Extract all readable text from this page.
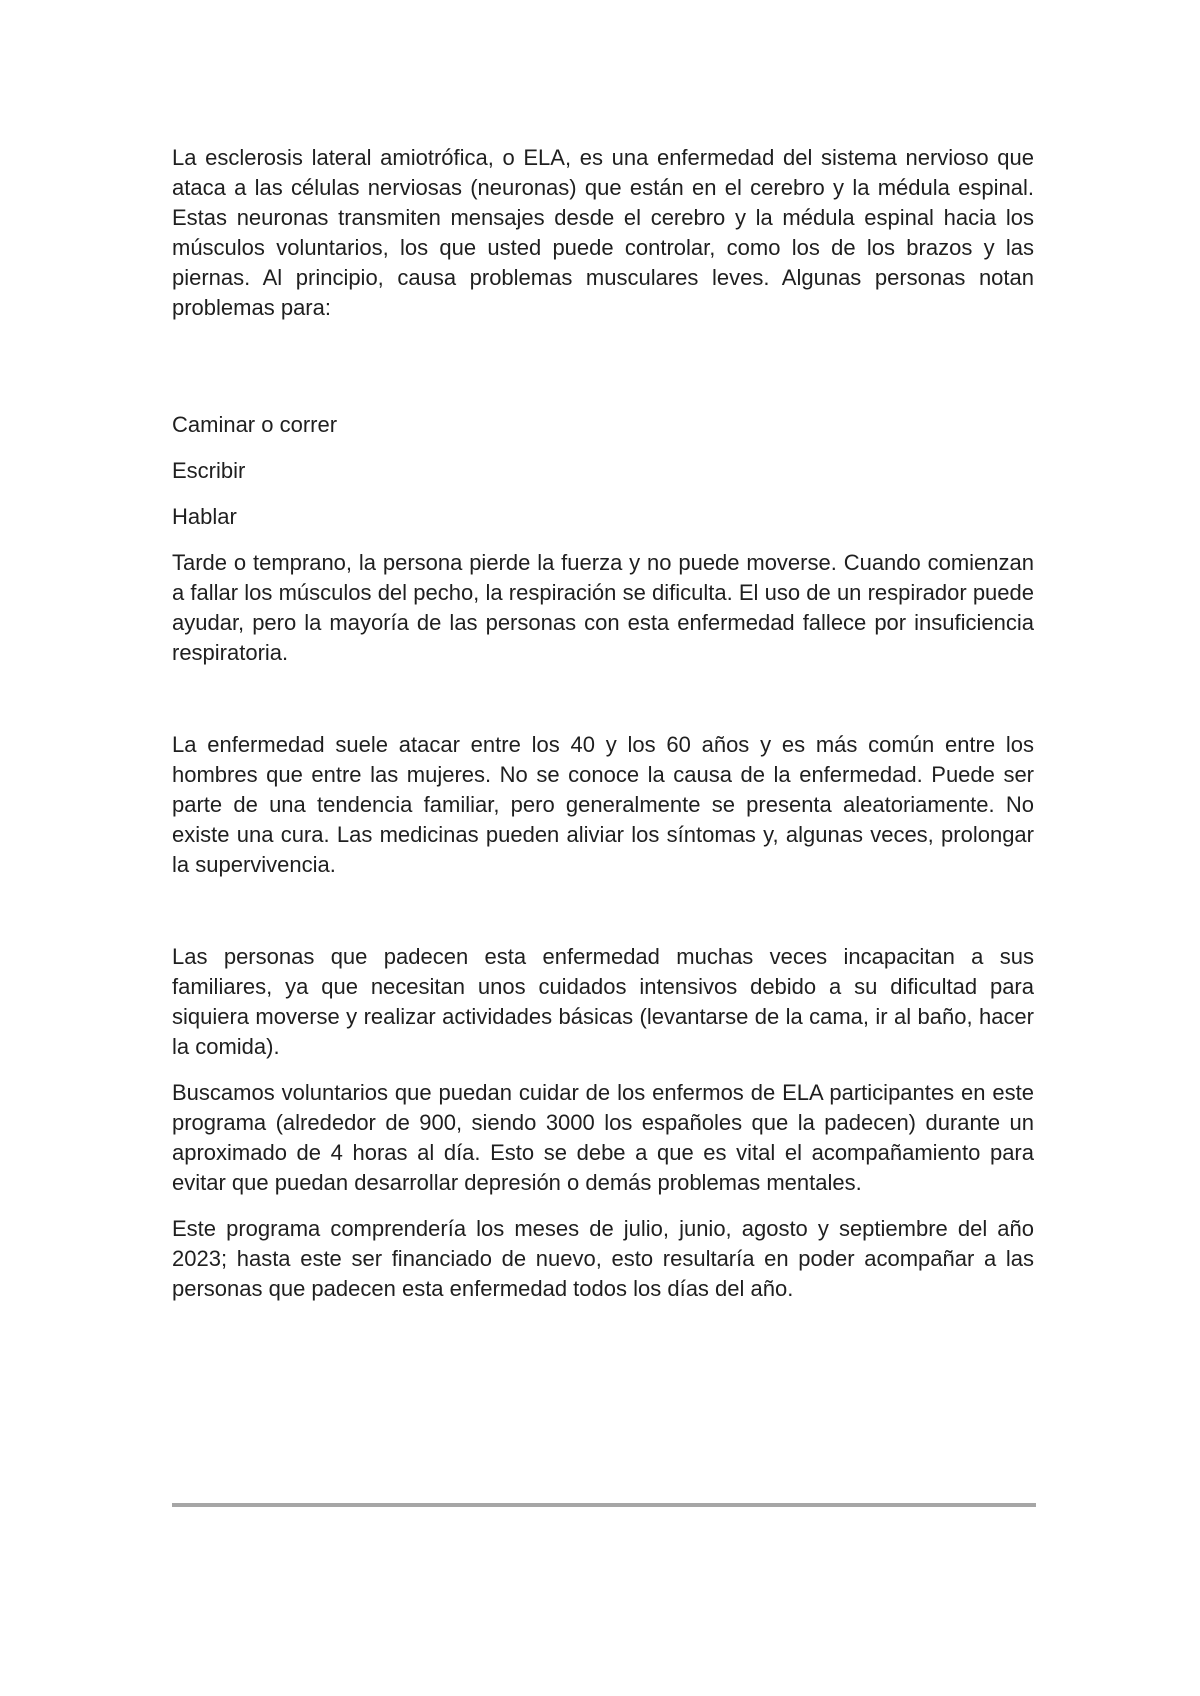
La esclerosis lateral amiotrófica, o ELA, es una enfermedad del sistema nervioso que ataca a las células nerviosas (neuronas) que están en el cerebro y la médula espinal. Estas neuronas transmiten mensajes desde el cerebro y la médula espinal hacia los músculos voluntarios, los que usted puede controlar, como los de los brazos y las piernas. Al principio, causa problemas musculares leves. Algunas personas notan problemas para:

Caminar o correr

Escribir

Hablar

Tarde o temprano, la persona pierde la fuerza y no puede moverse. Cuando comienzan a fallar los músculos del pecho, la respiración se dificulta. El uso de un respirador puede ayudar, pero la mayoría de las personas con esta enfermedad fallece por insuficiencia respiratoria.

La enfermedad suele atacar entre los 40 y los 60 años y es más común entre los hombres que entre las mujeres. No se conoce la causa de la enfermedad. Puede ser parte de una tendencia familiar, pero generalmente se presenta aleatoriamente. No existe una cura. Las medicinas pueden aliviar los síntomas y, algunas veces, prolongar la supervivencia.

Las personas que padecen esta enfermedad muchas veces incapacitan a sus familiares, ya que necesitan unos cuidados intensivos debido a su dificultad para siquiera moverse y realizar actividades básicas (levantarse de la cama, ir al baño, hacer la comida).

Buscamos voluntarios que puedan cuidar de los enfermos de ELA participantes en este programa (alrededor de 900, siendo 3000 los españoles que la padecen) durante un aproximado de 4 horas al día. Esto se debe a que es vital el acompañamiento para evitar que puedan desarrollar depresión o demás problemas mentales.

Este programa comprendería los meses de julio, junio, agosto y septiembre del año 2023; hasta este ser financiado de nuevo, esto resultaría en poder acompañar a las personas que padecen esta enfermedad todos los días del año.
